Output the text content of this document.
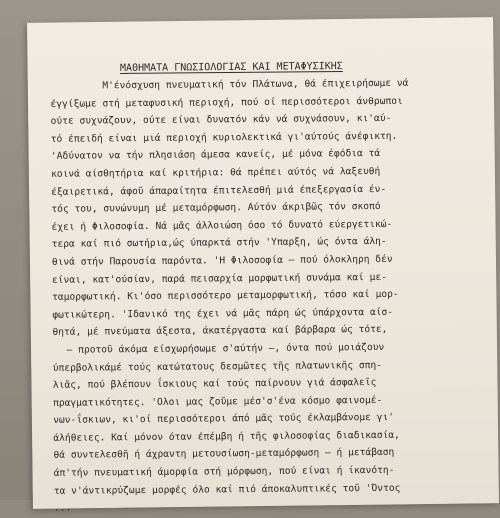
ΜΑΘΗΜΑΤΑ ΓΝΩΣΙΟΛΟΓΙΑΣ ΚΑΙ ΜΕΤΑΦΥΣΙΚΗΣ
Μ'ένόσχυση πνευματική τόν Πλάτωνα, θά έπιχειρήσωμε νά
έγγίξωμε στή μεταφυσική περιοχή, πού οί περισσότεροι άνθρωποι
ούτε συχνάζουν, ούτε είναι δυνατόν κάν νά συχνάσουν, κι'αύ-
τό έπειδή είναι μιά περιοχή κυριολεκτικά γι'αύτούς άνέφικτη.
'Αδύνατον να τήν πλησιάση άμεσα κανείς, μέ μόνα έφόδια τά
κοινά αίσθητήρια καί κριτήρια: θά πρέπει αύτός νά λαξευθή
έξαιρετικά, άφοῦ άπαραίτητα έπιτελεσθή μιά έπεξεργασία έν-
τός του, συνώνυμη μέ μεταμόρφωση. Αύτόν άκριβῶς τόν σκοπό
έχει ή Φιλοσοφία. Νά μᾶς άλλοιώση όσο τό δυνατό εύεργετικώ-
τερα καί πιό σωτήρια,ώς ύπαρκτά στήν 'Υπαρξη, ώς όντα άλη-
θινά στήν Παρουσία παρόντα. 'Η Φιλοσοφία — πού όλοκληρη δέν
είναι, κατ'ούσίαν, παρά πεισαρχία μορφωτική συνάμα καί με-
ταμορφωτική. Κι'όσο περισσότερο μεταμορφωτική, τόσο καί μορ-
φωτικώτερη. 'Ιδανικό της έχει νά μᾶς πάρη ώς ύπάρχοντα αίσ-
θητά, μέ πνεύματα άξεστα, άκατέργαστα καί βάρβαρα ώς τότε,
— προτοῦ άκόμα είσχωρήσωμε σ'αύτήν —, όντα πού μοιάζουν
ύπερβολικάμέ τούς κατώτατους δεσμῶτες τῆς πλατωνικῆς σπη-
λιᾶς, πού βλέπουν ΐσκιους καί τούς παίρνουν γιά άσφαλεῖς
πραγματικότητες. 'Ολοι μας ζοῦμε μέσ'σ'ένα κόσμο φαινομέ-
νων-ΐσκιων, κι'οί περισσότεροι άπό μᾶς τούς έκλαμβάνομε γι'
άλήθειες. Καί μόνον όταν έπέμβη ή τῆς φιλοσοφίας διαδικασία,
θά συντελεσθῆ ή άχραντη μετουσίωση-μεταμόρφωση — ή μετάβαση
άπ'τήν πνευματική άμορφία στή μόρφωση, πού είναι ή ίκανότη-
τα ν'άντικρύζωμε μορφές όλο καί πιό άποκαλυπτικές τοῦ 'Όντος
...
